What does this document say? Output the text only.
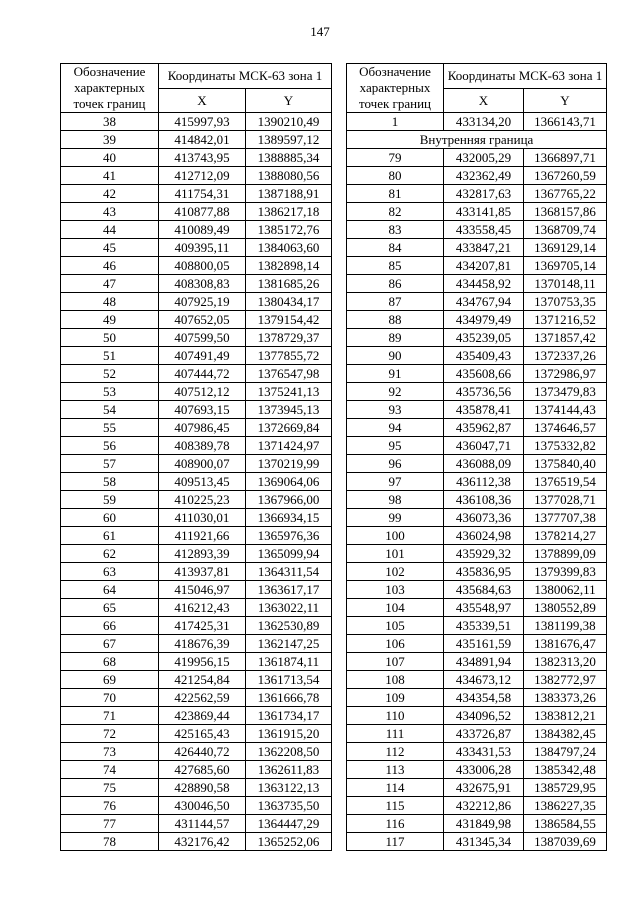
147
Обозначение характерных точек границ	Координаты МСК-63 зона 1	
	X	Y
38	415997,93	1390210,49
39	414842,01	1389597,12
40	413743,95	1388885,34
41	412712,09	1388080,56
42	411754,31	1387188,91
43	410877,88	1386217,18
44	410089,49	1385172,76
45	409395,11	1384063,60
46	408800,05	1382898,14
47	408308,83	1381685,26
48	407925,19	1380434,17
49	407652,05	1379154,42
50	407599,50	1378729,37
51	407491,49	1377855,72
52	407444,72	1376547,98
53	407512,12	1375241,13
54	407693,15	1373945,13
55	407986,45	1372669,84
56	408389,78	1371424,97
57	408900,07	1370219,99
58	409513,45	1369064,06
59	410225,23	1367966,00
60	411030,01	1366934,15
61	411921,66	1365976,36
62	412893,39	1365099,94
63	413937,81	1364311,54
64	415046,97	1363617,17
65	416212,43	1363022,11
66	417425,31	1362530,89
67	418676,39	1362147,25
68	419956,15	1361874,11
69	421254,84	1361713,54
70	422562,59	1361666,78
71	423869,44	1361734,17
72	425165,43	1361915,20
73	426440,72	1362208,50
74	427685,60	1362611,83
75	428890,58	1363122,13
76	430046,50	1363735,50
77	431144,57	1364447,29
78	432176,42	1365252,06
Обозначение характерных точек границ	Координаты МСК-63 зона 1	
	X	Y
1	433134,20	1366143,71
Внутренняя граница		
79	432005,29	1366897,71
80	432362,49	1367260,59
81	432817,63	1367765,22
82	433141,85	1368157,86
83	433558,45	1368709,74
84	433847,21	1369129,14
85	434207,81	1369705,14
86	434458,92	1370148,11
87	434767,94	1370753,35
88	434979,49	1371216,52
89	435239,05	1371857,42
90	435409,43	1372337,26
91	435608,66	1372986,97
92	435736,56	1373479,83
93	435878,41	1374144,43
94	435962,87	1374646,57
95	436047,71	1375332,82
96	436088,09	1375840,40
97	436112,38	1376519,54
98	436108,36	1377028,71
99	436073,36	1377707,38
100	436024,98	1378214,27
101	435929,32	1378899,09
102	435836,95	1379399,83
103	435684,63	1380062,11
104	435548,97	1380552,89
105	435339,51	1381199,38
106	435161,59	1381676,47
107	434891,94	1382313,20
108	434673,12	1382772,97
109	434354,58	1383373,26
110	434096,52	1383812,21
111	433726,87	1384382,45
112	433431,53	1384797,24
113	433006,28	1385342,48
114	432675,91	1385729,95
115	432212,86	1386227,35
116	431849,98	1386584,55
117	431345,34	1387039,69
